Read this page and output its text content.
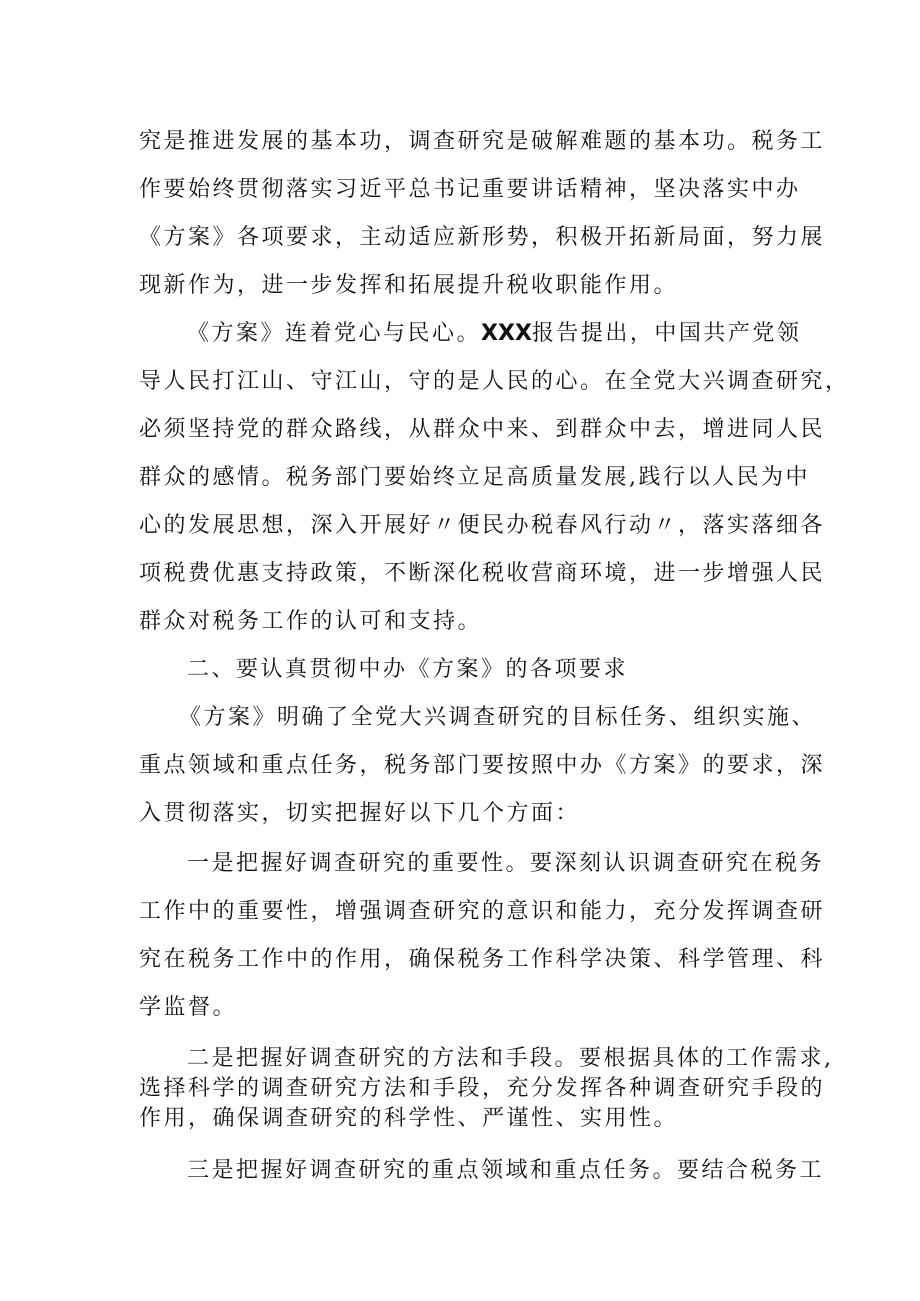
究是推进发展的基本功，调查研究是破解难题的基本功。税务工
作要始终贯彻落实习近平总书记重要讲话精神，坚决落实中办
《方案》各项要求，主动适应新形势，积极开拓新局面，努力展
现新作为，进一步发挥和拓展提升税收职能作用。
《方案》连着党心与民心。XXX报告提出，中国共产党领
导人民打江山、守江山，守的是人民的心。在全党大兴调查研究，
必须坚持党的群众路线，从群众中来、到群众中去，增进同人民
群众的感情。税务部门要始终立足高质量发展,践行以人民为中
心的发展思想，深入开展好〃便民办税春风行动〃，落实落细各
项税费优惠支持政策，不断深化税收营商环境，进一步增强人民
群众对税务工作的认可和支持。
二、要认真贯彻中办《方案》的各项要求
《方案》明确了全党大兴调查研究的目标任务、组织实施、
重点领域和重点任务，税务部门要按照中办《方案》的要求，深
入贯彻落实，切实把握好以下几个方面：
一是把握好调查研究的重要性。要深刻认识调查研究在税务
工作中的重要性，增强调查研究的意识和能力，充分发挥调查研
究在税务工作中的作用，确保税务工作科学决策、科学管理、科
学监督。
二是把握好调查研究的方法和手段。要根据具体的工作需求,
选择科学的调查研究方法和手段，充分发挥各种调查研究手段的
作用，确保调查研究的科学性、严谨性、实用性。
三是把握好调查研究的重点领域和重点任务。要结合税务工
